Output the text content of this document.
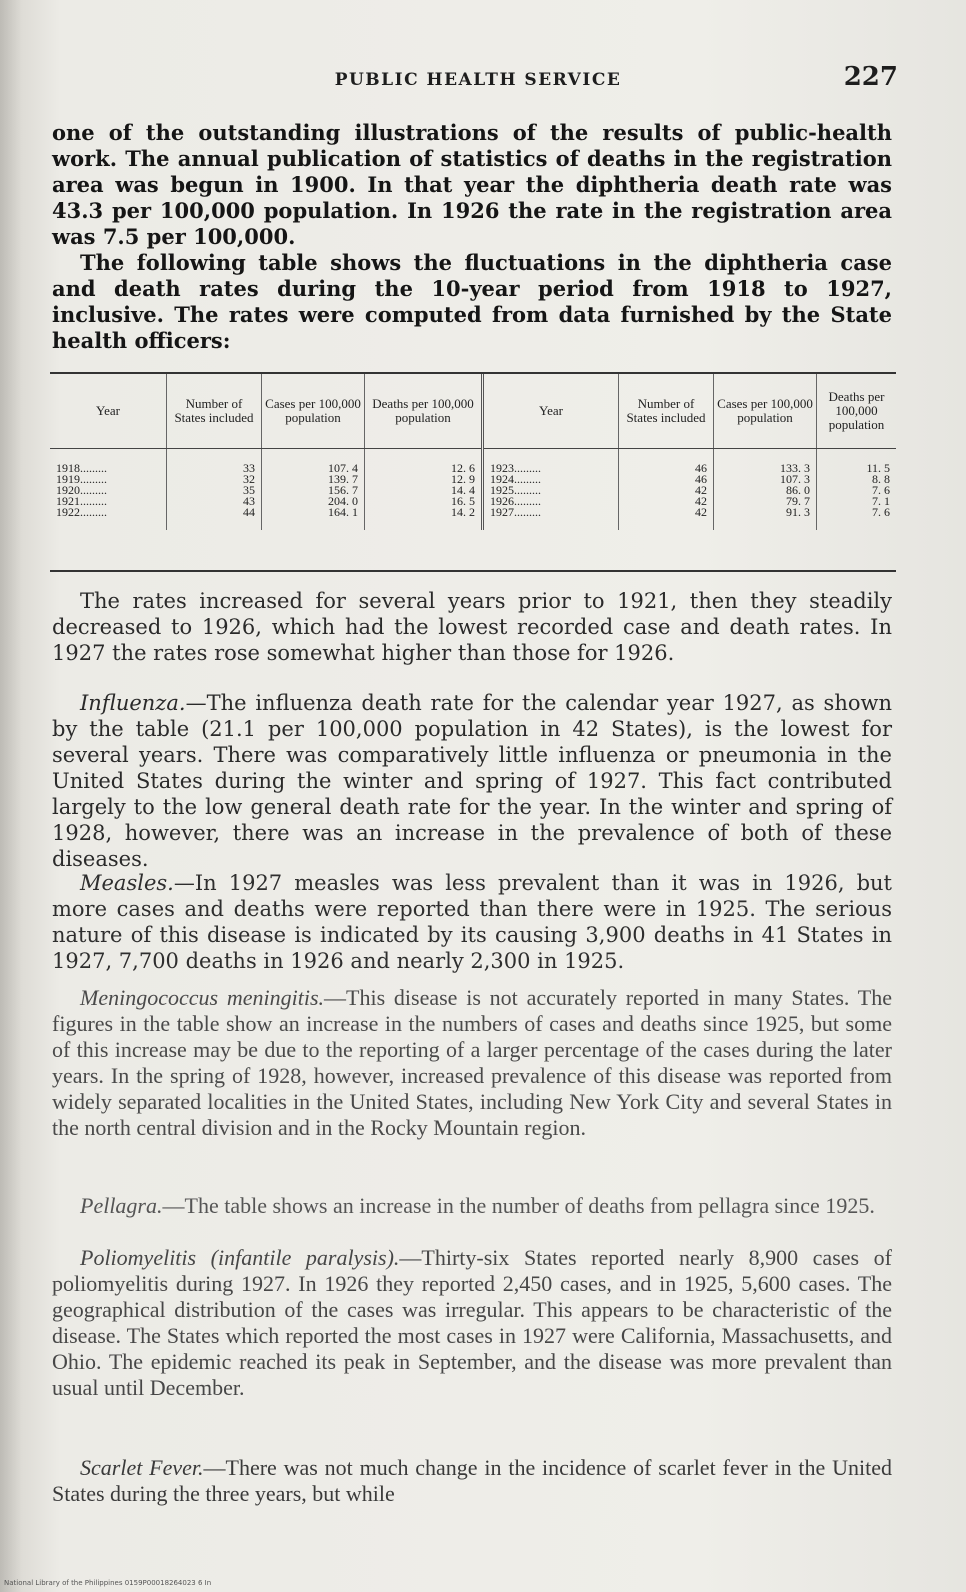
PUBLIC HEALTH SERVICE	227
one of the outstanding illustrations of the results of public-health work. The annual publication of statistics of deaths in the registration area was begun in 1900. In that year the diphtheria death rate was 43.3 per 100,000 population. In 1926 the rate in the registration area was 7.5 per 100,000.
The following table shows the fluctuations in the diphtheria case and death rates during the 10-year period from 1918 to 1927, inclusive. The rates were computed from data furnished by the State health officers:
Year	Number of States included	Cases per 100,000 population	Deaths per 100,000 population	Year	Number of States included	Cases per 100,000 population	Deaths per 100,000 population
1918.........	33	107. 4	12. 6	1923.........	46	133. 3	11. 5
1919.........	32	139. 7	12. 9	1924.........	46	107. 3	8. 8
1920.........	35	156. 7	14. 4	1925.........	42	86. 0	7. 6
1921.........	43	204. 0	16. 5	1926.........	42	79. 7	7. 1
1922.........	44	164. 1	14. 2	1927.........	42	91. 3	7. 6
The rates increased for several years prior to 1921, then they steadily decreased to 1926, which had the lowest recorded case and death rates. In 1927 the rates rose somewhat higher than those for 1926.
Influenza.—The influenza death rate for the calendar year 1927, as shown by the table (21.1 per 100,000 population in 42 States), is the lowest for several years. There was comparatively little influenza or pneumonia in the United States during the winter and spring of 1927. This fact contributed largely to the low general death rate for the year. In the winter and spring of 1928, however, there was an increase in the prevalence of both of these diseases.
Measles.—In 1927 measles was less prevalent than it was in 1926, but more cases and deaths were reported than there were in 1925. The serious nature of this disease is indicated by its causing 3,900 deaths in 41 States in 1927, 7,700 deaths in 1926 and nearly 2,300 in 1925.
Meningococcus meningitis.—This disease is not accurately reported in many States. The figures in the table show an increase in the numbers of cases and deaths since 1925, but some of this increase may be due to the reporting of a larger percentage of the cases during the later years. In the spring of 1928, however, increased prevalence of this disease was reported from widely separated localities in the United States, including New York City and several States in the north central division and in the Rocky Mountain region.
Pellagra.—The table shows an increase in the number of deaths from pellagra since 1925.
Poliomyelitis (infantile paralysis).—Thirty-six States reported nearly 8,900 cases of poliomyelitis during 1927. In 1926 they reported 2,450 cases, and in 1925, 5,600 cases. The geographical distribution of the cases was irregular. This appears to be characteristic of the disease. The States which reported the most cases in 1927 were California, Massachusetts, and Ohio. The epidemic reached its peak in September, and the disease was more prevalent than usual until December.
Scarlet Fever.—There was not much change in the incidence of scarlet fever in the United States during the three years, but while
National Library of the Philippines 0159P00018264023 6 In
